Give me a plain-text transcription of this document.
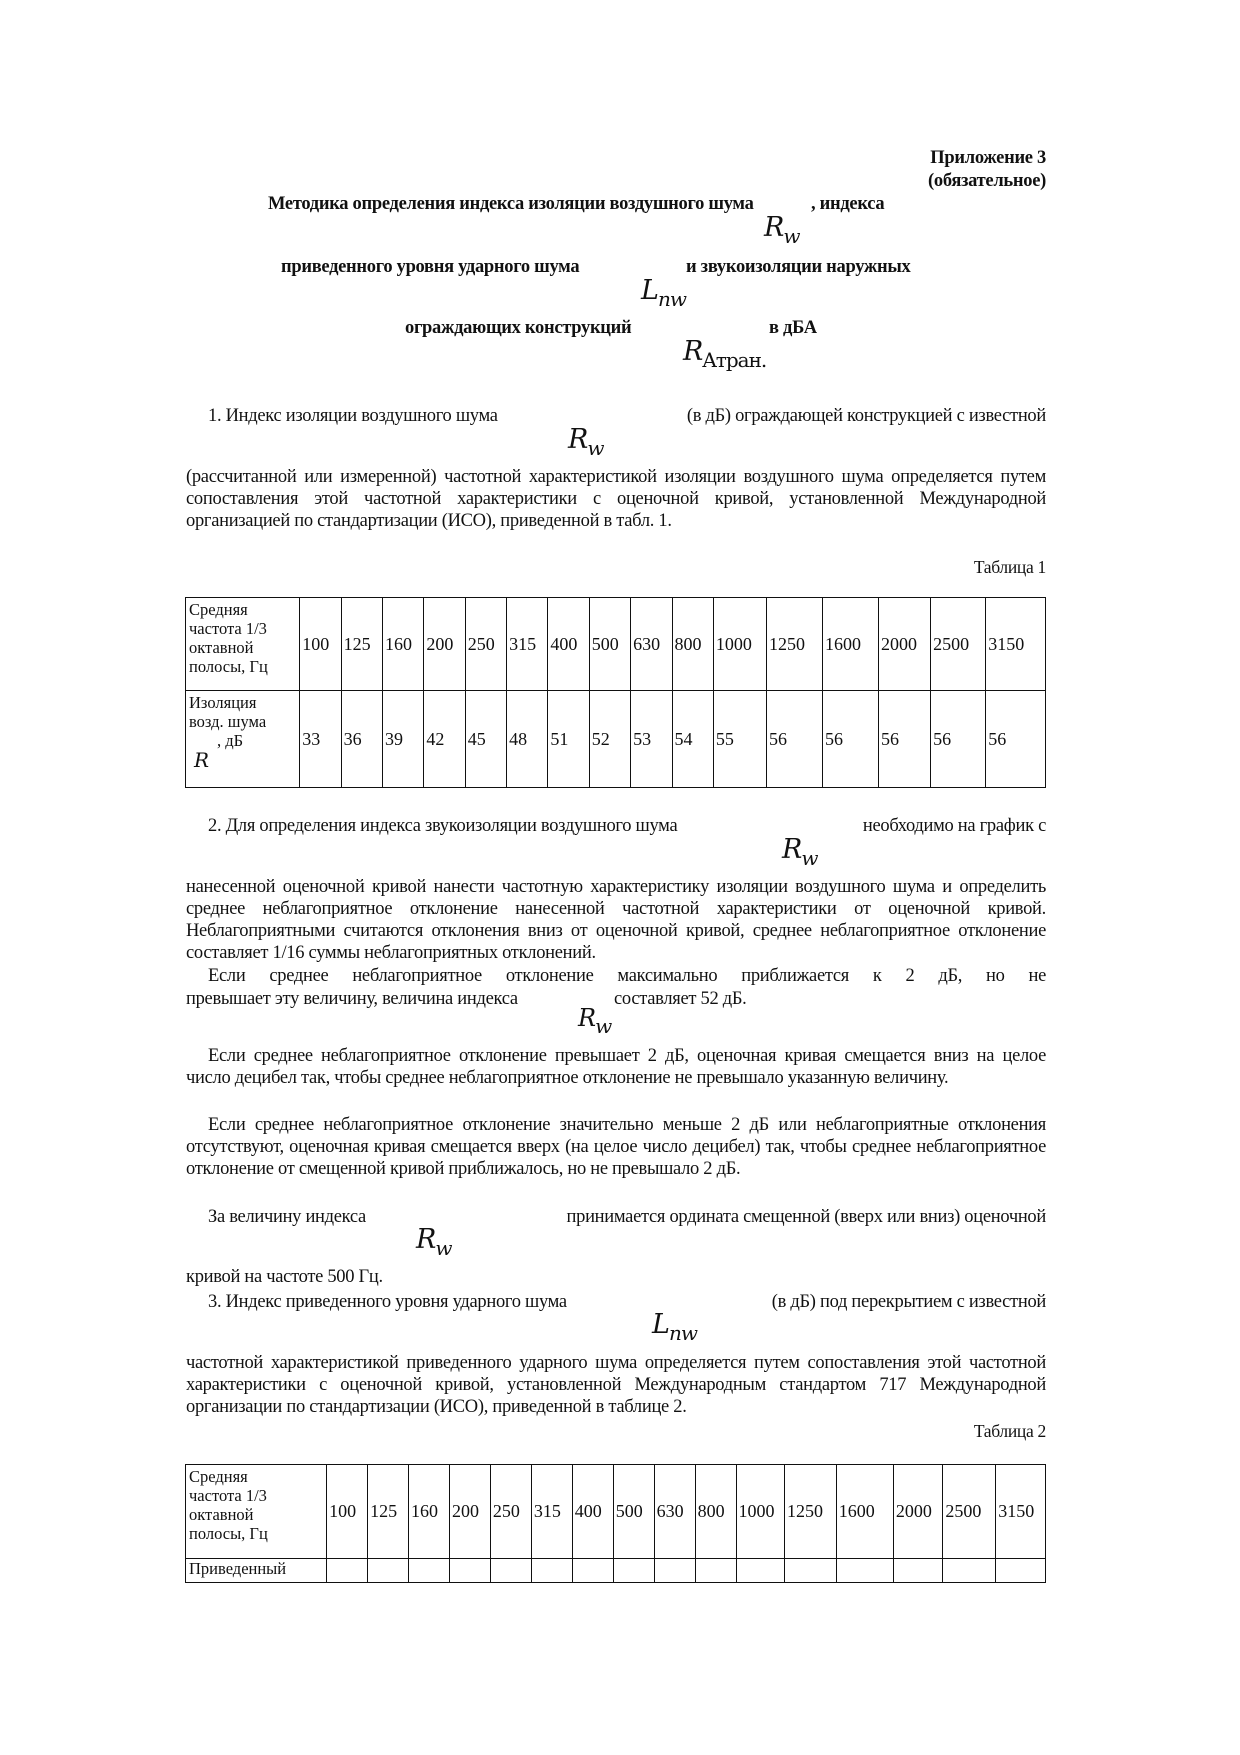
Приложение 3
(обязательное)
Методика определения индекса изоляции воздушного шума	, индекса
$R_w$
приведенного уровня ударного шума	и звукоизоляции наружных
$L_{nw}$
ограждающих конструкций	в дБА
$R_{Aтран.}$
1. Индекс изоляции воздушного шума	(в дБ) ограждающей конструкцией с известной
$R_w$
(рассчитанной или измеренной) частотной характеристикой изоляции воздушного шума определяется путем сопоставления этой частотной характеристики с оценочной кривой, установленной Международной организацией по стандартизации (ИСО), приведенной в табл. 1.
Таблица 1
2. Для определения индекса звукоизоляции воздушного шума	необходимо на график с
$R_w$
нанесенной оценочной кривой нанести частотную характеристику изоляции воздушного шума и определить среднее неблагоприятное отклонение нанесенной частотной характеристики от оценочной кривой. Неблагоприятными считаются отклонения вниз от оценочной кривой, среднее неблагоприятное отклонение составляет 1/16 суммы неблагоприятных отклонений.
Если среднее неблагоприятное отклонение максимально приближается к 2 дБ, но не
превышает эту величину, величина индекса	составляет 52 дБ.
$R_w$
Если среднее неблагоприятное отклонение превышает 2 дБ, оценочная кривая смещается вниз на целое число децибел так, чтобы среднее неблагоприятное отклонение не превышало указанную величину.
Если среднее неблагоприятное отклонение значительно меньше 2 дБ или неблагоприятные отклонения отсутствуют, оценочная кривая смещается вверх (на целое число децибел) так, чтобы среднее неблагоприятное отклонение от смещенной кривой приближалось, но не превышало 2 дБ.
За величину индекса	принимается ордината смещенной (вверх или вниз) оценочной
$R_w$
кривой на частоте 500 Гц.
3. Индекс приведенного уровня ударного шума	(в дБ) под перекрытием с известной
$L_{nw}$
частотной характеристикой приведенного ударного шума определяется путем сопоставления этой частотной характеристики с оценочной кривой, установленной Международным стандартом 717 Международной организации по стандартизации (ИСО), приведенной в таблице 2.
Таблица 2
Средняя
частота 1/3
октавной
полосы, Гц	100	125	160	200	250	315	400	500	630	800	1000	1250	1600	2000	2500	3150

Изоляция
возд. шума
, дБ
R	33	36	39	42	45	48	51	52	53	54	55	56	56	56	56	56
Средняя
частота 1/3
октавной
полосы, Гц	100	125	160	200	250	315	400	500	630	800	1000	1250	1600	2000	2500	3150
Приведенный																
